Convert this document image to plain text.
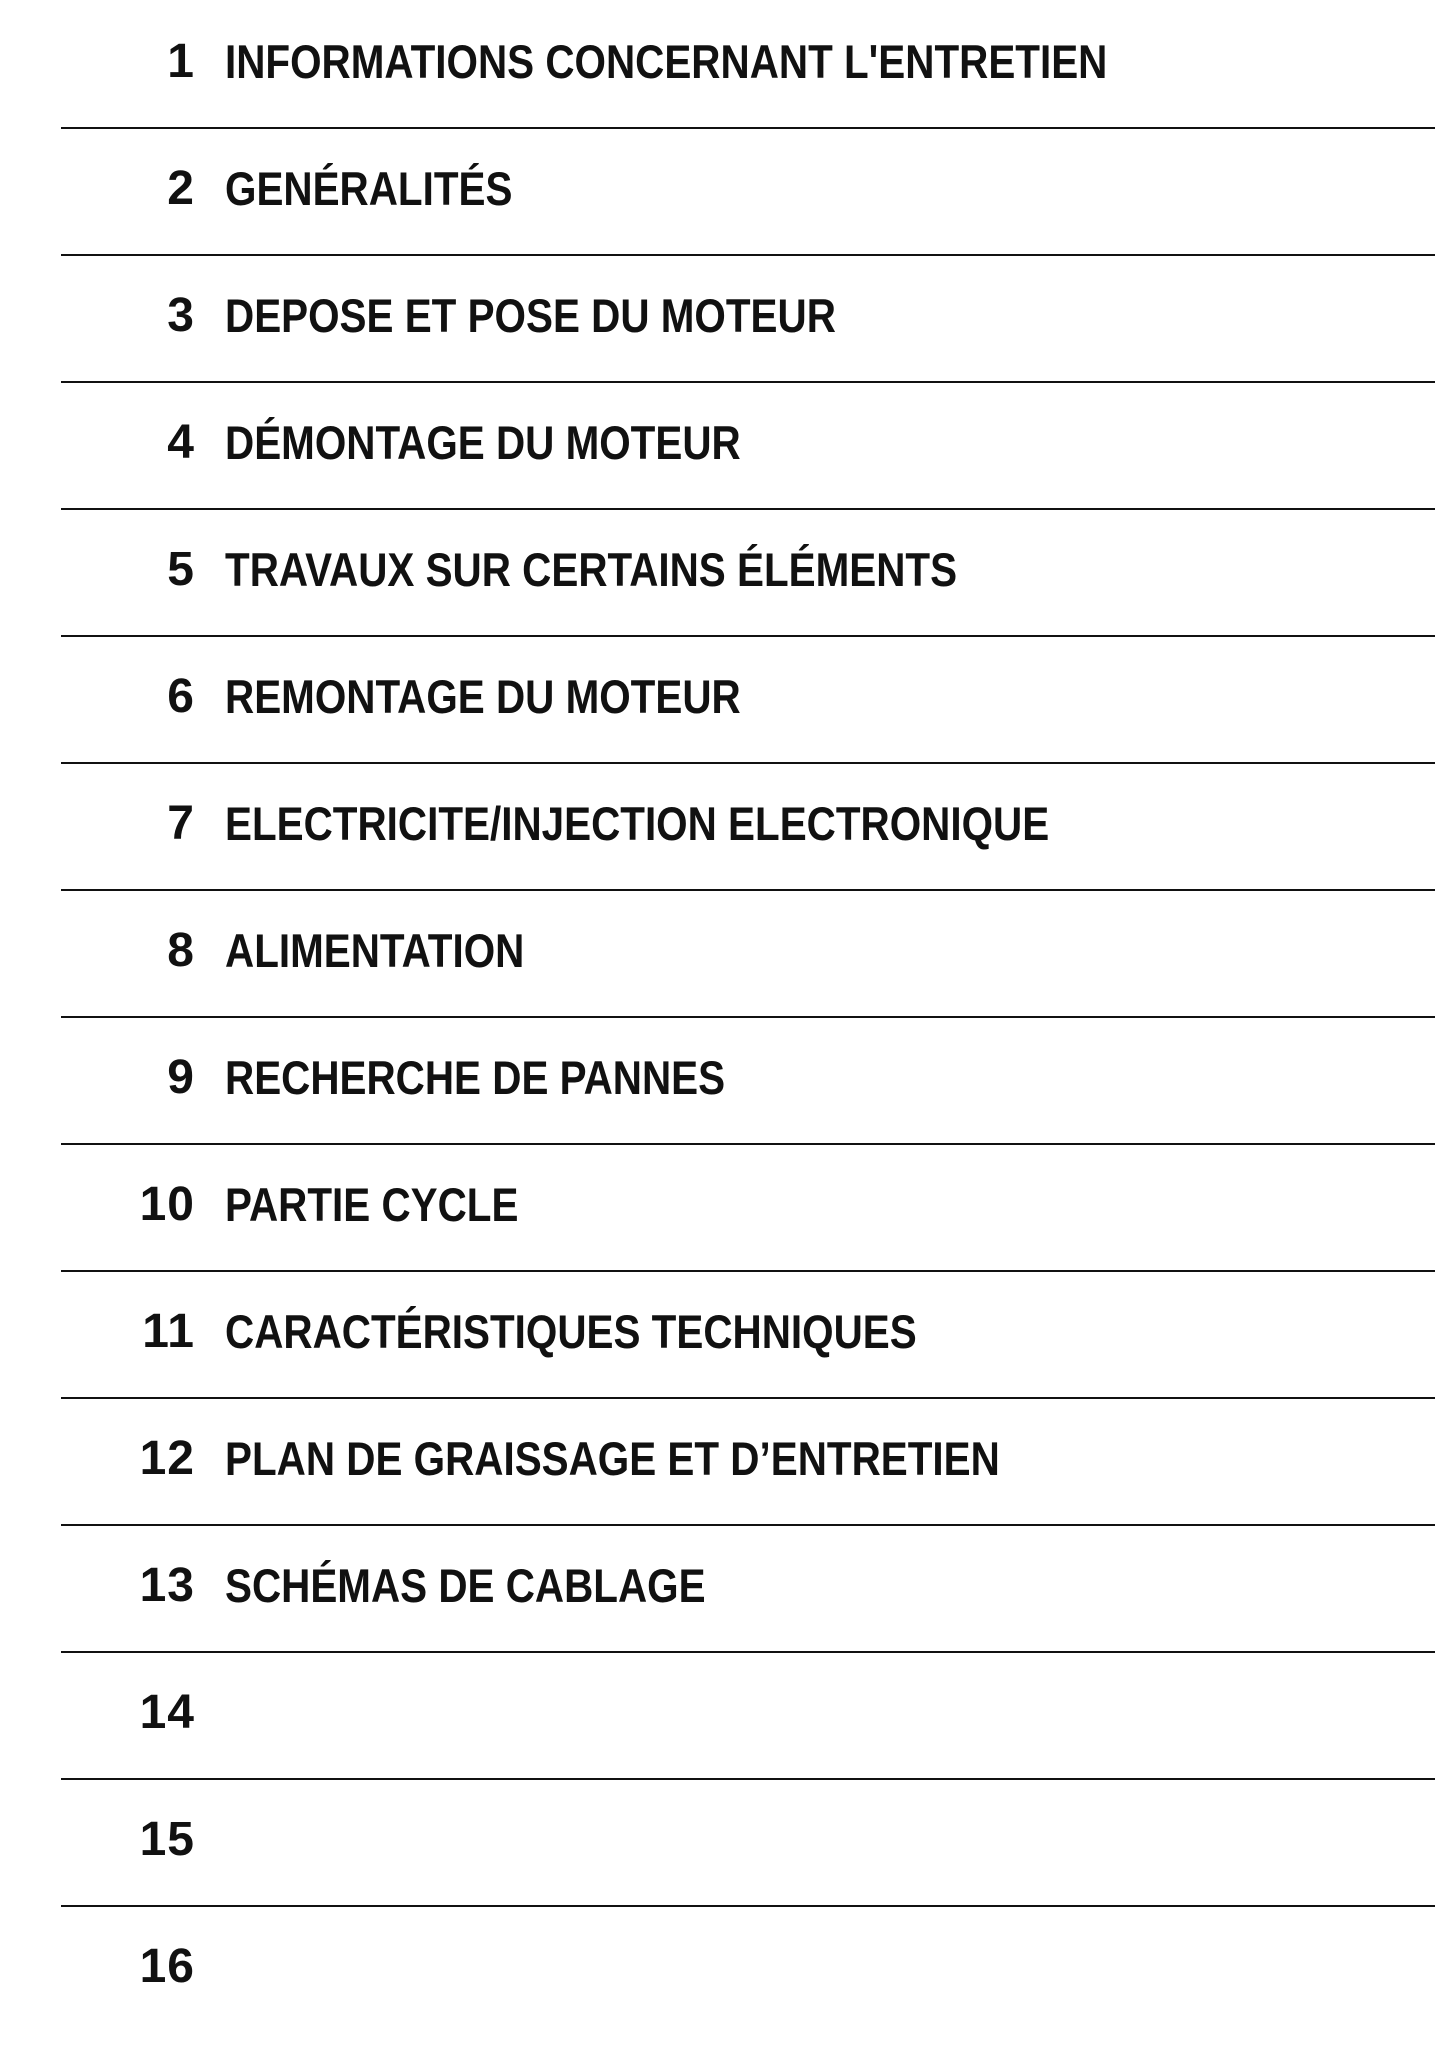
1 INFORMATIONS CONCERNANT L'ENTRETIEN
2 GENÉRALITÉS
3 DEPOSE ET POSE DU MOTEUR
4 DÉMONTAGE DU MOTEUR
5 TRAVAUX SUR CERTAINS ÉLÉMENTS
6 REMONTAGE DU MOTEUR
7 ELECTRICITE/INJECTION ELECTRONIQUE
8 ALIMENTATION
9 RECHERCHE DE PANNES
10 PARTIE CYCLE
11 CARACTÉRISTIQUES TECHNIQUES
12 PLAN DE GRAISSAGE ET D’ENTRETIEN
13 SCHÉMAS DE CABLAGE
14
15
16
